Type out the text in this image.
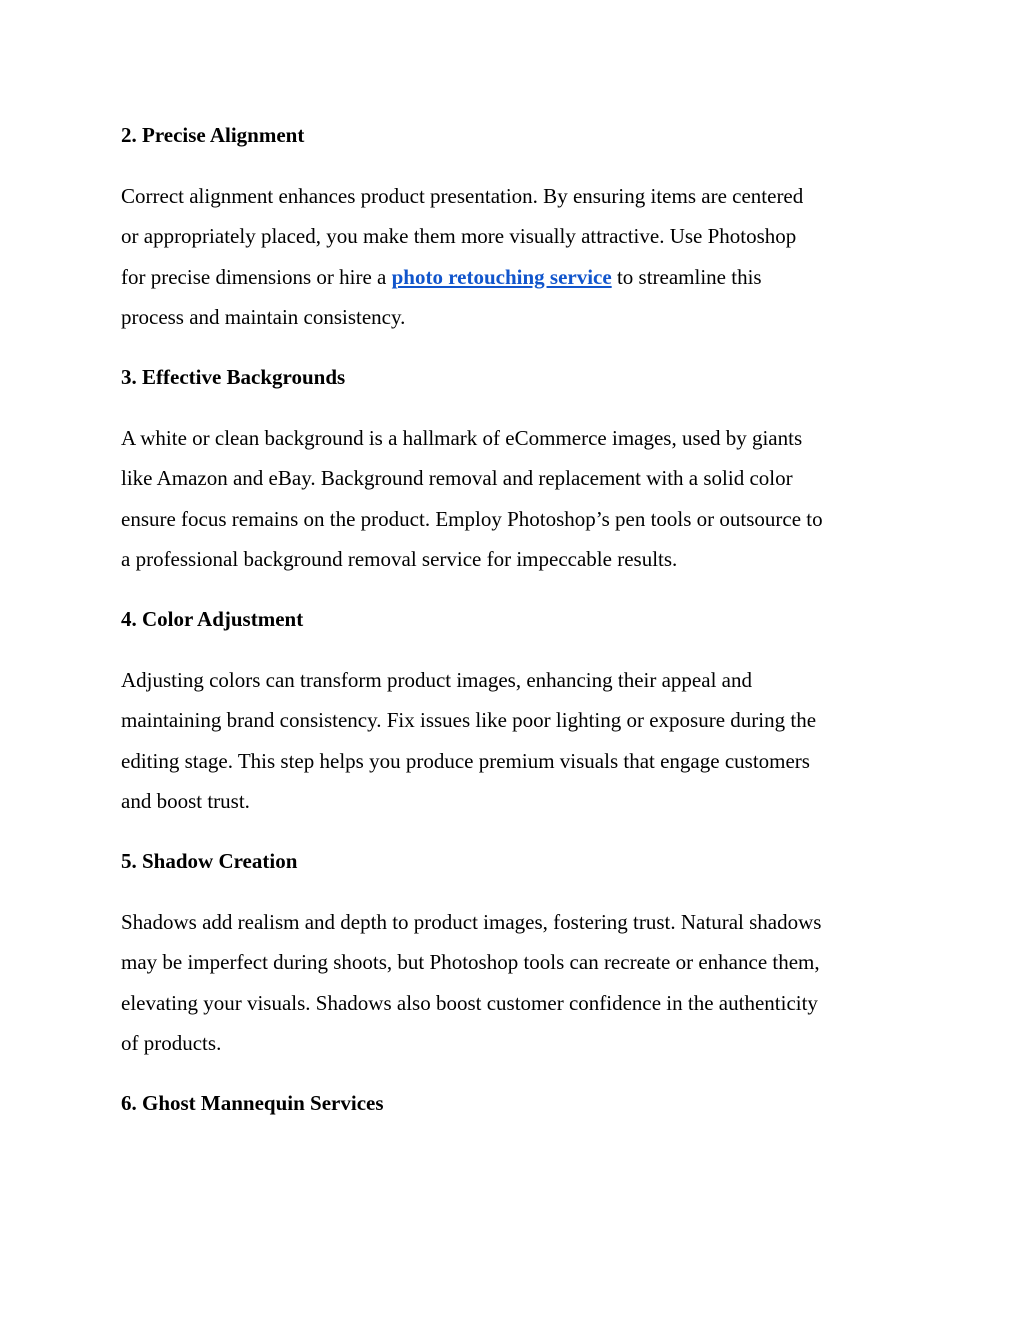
2. Precise Alignment

Correct alignment enhances product presentation. By ensuring items are centered
or appropriately placed, you make them more visually attractive. Use Photoshop
for precise dimensions or hire a photo retouching service to streamline this
process and maintain consistency.

3. Effective Backgrounds

A white or clean background is a hallmark of eCommerce images, used by giants
like Amazon and eBay. Background removal and replacement with a solid color
ensure focus remains on the product. Employ Photoshop’s pen tools or outsource to
a professional background removal service for impeccable results.

4. Color Adjustment

Adjusting colors can transform product images, enhancing their appeal and
maintaining brand consistency. Fix issues like poor lighting or exposure during the
editing stage. This step helps you produce premium visuals that engage customers
and boost trust.

5. Shadow Creation

Shadows add realism and depth to product images, fostering trust. Natural shadows
may be imperfect during shoots, but Photoshop tools can recreate or enhance them,
elevating your visuals. Shadows also boost customer confidence in the authenticity
of products.

6. Ghost Mannequin Services
